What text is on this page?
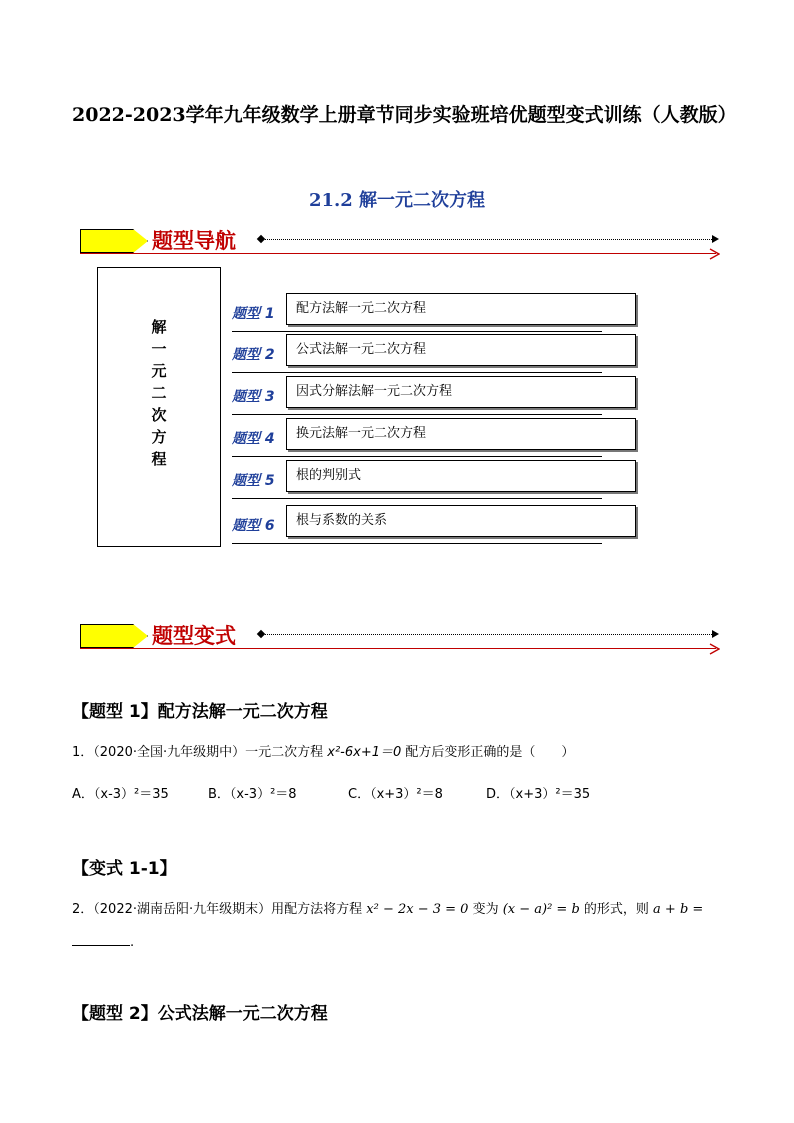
2022-2023学年九年级数学上册章节同步实验班培优题型变式训练（人教版）
21.2 解一元二次方程
题型导航
解
一
元
二
次
方
程
题型 1	配方法解一元二次方程
题型 2	公式法解一元二次方程
题型 3	因式分解法解一元二次方程
题型 4	换元法解一元二次方程
题型 5	根的判别式
题型 6	根与系数的关系
题型变式
【题型 1】配方法解一元二次方程
1．（2020·全国·九年级期中）一元二次方程 x²-6x+1＝0 配方后变形正确的是（　　）
A．（x-3）²＝35	B．（x-3）²＝8	C．（x+3）²＝8	D．（x+3）²＝35
【变式 1-1】
2．（2022·湖南岳阳·九年级期末）用配方法将方程 x² − 2x − 3 = 0 变为 (x − a)² = b 的形式，则 a + b =
.
【题型 2】公式法解一元二次方程
